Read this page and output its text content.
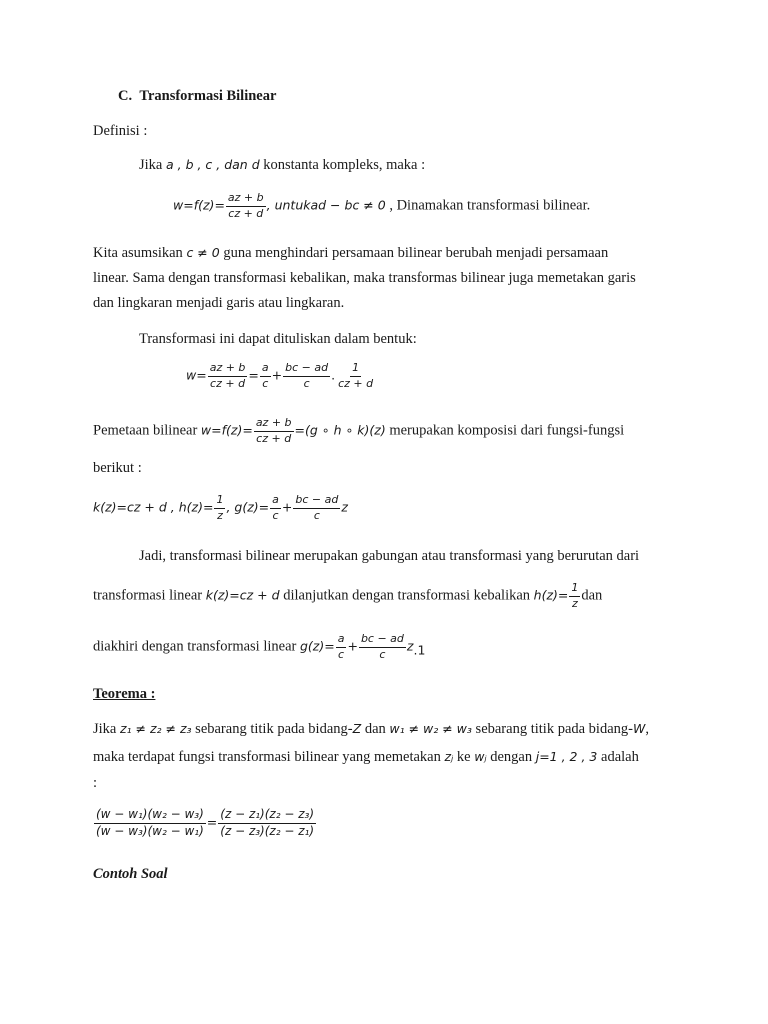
C. Transformasi Bilinear
Definisi :
Jika a , b , c , dan d konstanta kompleks, maka :
$w=f(z)= \frac{az + b}{cz + d}$ , untukad − bc ≠ 0 , Dinamakan transformasi bilinear.
Kita asumsikan c ≠ 0 guna menghindari persamaan bilinear berubah menjadi persamaan
linear. Sama dengan transformasi kebalikan, maka transformas bilinear juga memetakan garis
dan lingkaran menjadi garis atau lingkaran.
Transformasi ini dapat dituliskan dalam bentuk:
$w= \frac{az + b}{cz + d} = \frac{a}{c} + \frac{bc - ad}{c}$ . $\frac{1}{cz + d}$
Pemetaan bilinear $w=f(z)= \frac{az + b}{cz + d} =(g$ ∘ h ∘ k)(z) merupakan komposisi dari fungsi-fungsi
berikut :
k(z)=cz + d , $h(z)= \frac{1}{z}$ , $g(z)= \frac{a}{c} + \frac{bc - ad}{c}$ z
Jadi, transformasi bilinear merupakan gabungan atau transformasi yang berurutan dari
transformasi linear k(z)=cz + d dilanjutkan dengan transformasi kebalikan $h(z)= \frac{1}{z}$ dan
diakhiri dengan transformasi linear $g(z)= \frac{a}{c} + \frac{bc - ad}{c} z_{.1}$
Teorema :
Jika z₁ ≠ z₂ ≠ z₃ sebarang titik pada bidang-Z dan w₁ ≠ w₂ ≠ w₃ sebarang titik pada bidang-W,
maka terdapat fungsi transformasi bilinear yang memetakan zⱼ ke wⱼ dengan j=1 , 2 , 3 adalah
:
$\frac{\text{(w − w₁)(w₂ − w₃)}}{\text{(w − w₃)(w₂ − w₁)}} = \frac{\text{(z − z₁)(z₂ − z₃)}}{\text{(z − z₃)(z₂ − z₁)}}$
Contoh Soal
